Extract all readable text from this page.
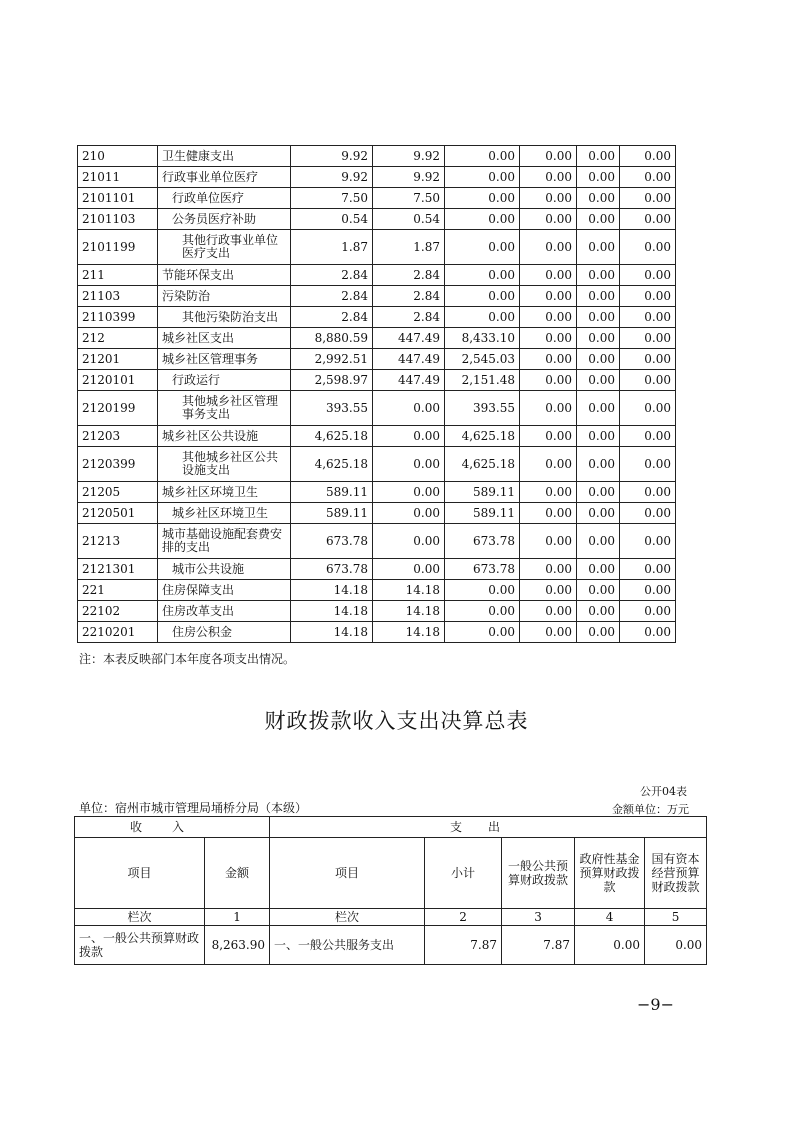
210	卫生健康支出	9.92	9.92	0.00	0.00	0.00	0.00
21011	行政事业单位医疗	9.92	9.92	0.00	0.00	0.00	0.00
2101101	行政单位医疗	7.50	7.50	0.00	0.00	0.00	0.00
2101103	公务员医疗补助	0.54	0.54	0.00	0.00	0.00	0.00
2101199	其他行政事业单位医疗支出	1.87	1.87	0.00	0.00	0.00	0.00
211	节能环保支出	2.84	2.84	0.00	0.00	0.00	0.00
21103	污染防治	2.84	2.84	0.00	0.00	0.00	0.00
2110399	其他污染防治支出	2.84	2.84	0.00	0.00	0.00	0.00
212	城乡社区支出	8,880.59	447.49	8,433.10	0.00	0.00	0.00
21201	城乡社区管理事务	2,992.51	447.49	2,545.03	0.00	0.00	0.00
2120101	行政运行	2,598.97	447.49	2,151.48	0.00	0.00	0.00
2120199	其他城乡社区管理事务支出	393.55	0.00	393.55	0.00	0.00	0.00
21203	城乡社区公共设施	4,625.18	0.00	4,625.18	0.00	0.00	0.00
2120399	其他城乡社区公共设施支出	4,625.18	0.00	4,625.18	0.00	0.00	0.00
21205	城乡社区环境卫生	589.11	0.00	589.11	0.00	0.00	0.00
2120501	城乡社区环境卫生	589.11	0.00	589.11	0.00	0.00	0.00
21213	城市基础设施配套费安排的支出	673.78	0.00	673.78	0.00	0.00	0.00
2121301	城市公共设施	673.78	0.00	673.78	0.00	0.00	0.00
221	住房保障支出	14.18	14.18	0.00	0.00	0.00	0.00
22102	住房改革支出	14.18	14.18	0.00	0.00	0.00	0.00
2210201	住房公积金	14.18	14.18	0.00	0.00	0.00	0.00
注：本表反映部门本年度各项支出情况。
财政拨款收入支出决算总表
公开04表
单位：宿州市城市管理局埇桥分局（本级）	金额单位：万元
收入		支出				
项目	金额	项目	小计	一般公共预算财政拨款	政府性基金预算财政拨款	国有资本经营预算财政拨款
栏次	1	栏次	2	3	4	5
一、一般公共预算财政拨款	8,263.90	一、一般公共服务支出	7.87	7.87	0.00	0.00
−9−
